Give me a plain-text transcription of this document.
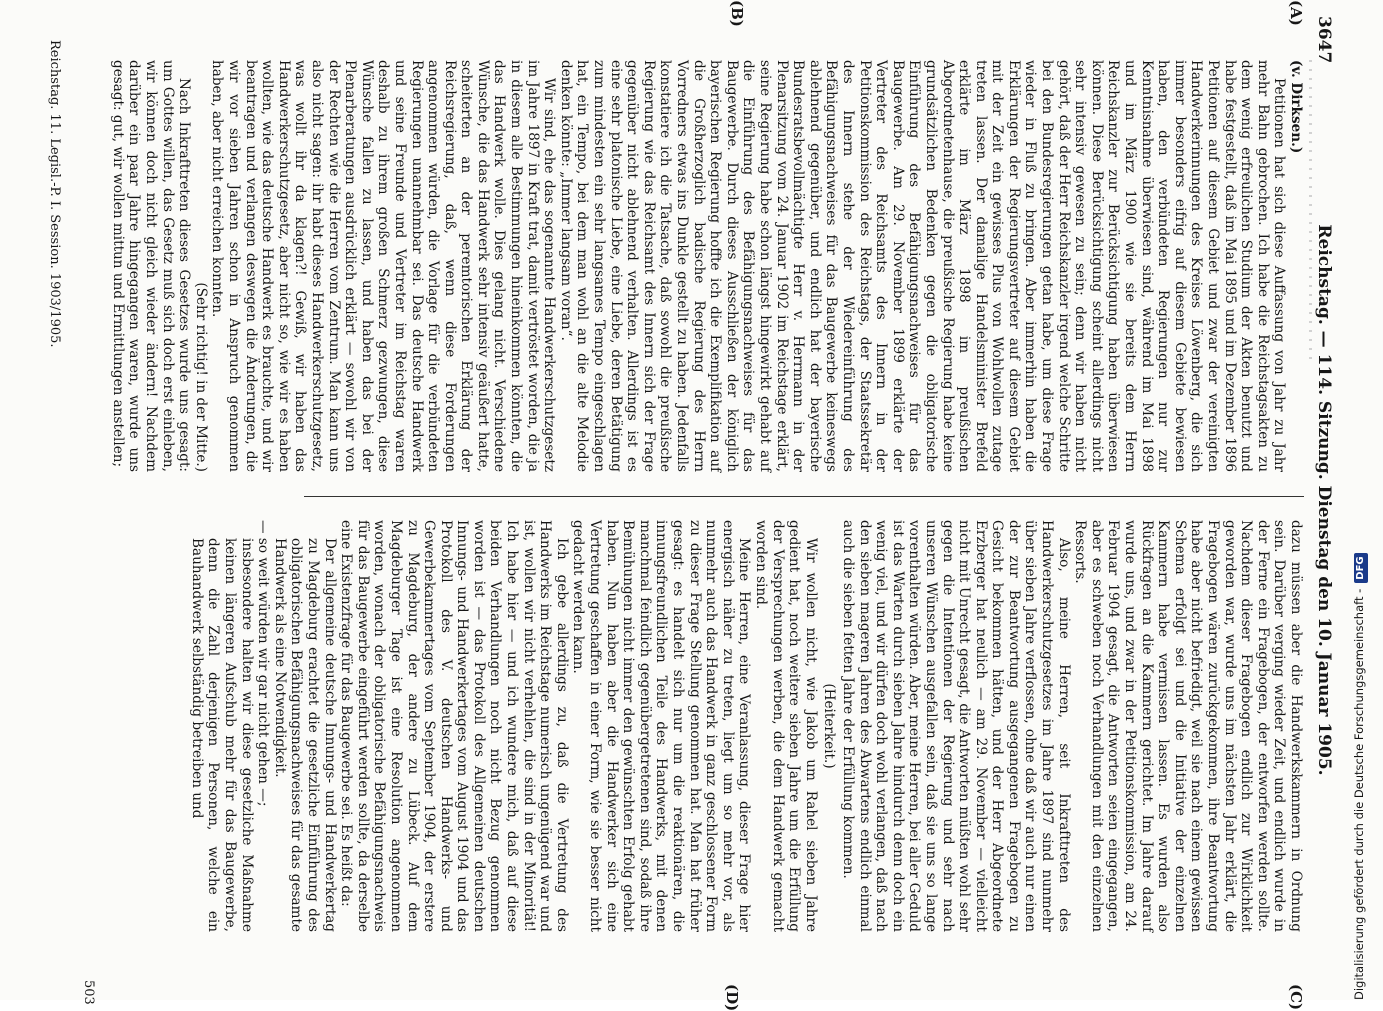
3647
Reichstag. — 114. Sitzung. Dienstag den 10. Januar 1905.
(A)
(B)
(C)
(D)

(v. Dirksen.)

Petitionen hat sich diese Auffassung von Jahr zu Jahr mehr Bahn gebrochen. Ich habe die Reichstagsakten zu dem wenig erfreulichen Studium der Akten benutzt und habe festgestellt, daß im Mai 1895 und im Dezember 1896 Petitionen auf diesem Gebiet und zwar der vereinigten Handwerkerinnungen des Kreises Löwenberg, die sich immer besonders eifrig auf diesem Gebiete bewiesen haben, den verbündeten Regierungen nur zur Kenntnisnahme überwiesen sind, während im Mai 1898 und im März 1900 wie sie bereits dem Herrn Reichskanzler zur Berücksichtigung haben überwiesen können. Diese Berücksichtigung scheint allerdings nicht sehr intensiv gewesen zu sein; denn wir haben nicht gehört, daß der Herr Reichskanzler irgend welche Schritte bei den Bundesregierungen getan habe, um diese Frage wieder in Fluß zu bringen. Aber immerhin haben die Erklärungen der Regierungsvertreter auf diesem Gebiet mit der Zeit ein gewisses Plus von Wohlwollen zutage treten lassen. Der damalige Handelsminister Brefeld erklärte im März 1898 im preußischen Abgeordnetenhause, die preußische Regierung habe keine grundsätzlichen Bedenken gegen die obligatorische Einführung des Befähigungsnachweises für das Baugewerbe. Am 29. November 1899 erklärte der Vertreter des Reichsamts des Innern in der Petitionskommission des Reichstags, der Staatssekretär des Innern stehe der Wiedereinführung des Befähigungsnachweises für das Baugewerbe keineswegs ablehnend gegenüber, und endlich hat der bayerische Bundesratsbevollmächtigte Herr v. Herrmann in der Plenarsitzung vom 24. Januar 1902 im Reichstage erklärt, seine Regierung habe schon längst hingewirkt gehabt auf die Einführung des Befähigungsnachweises für das Baugewerbe. Durch dieses Ausschließen der königlich bayerischen Regierung hoffte ich die Exemplifikation auf die Großherzoglich badische Regierung des Herrn Vorredners etwas ins Dunkle gestellt zu haben. Jedenfalls konstatiere ich die Tatsache, daß sowohl die preußische Regierung wie das Reichsamt des Innern sich der Frage gegenüber nicht ablehnend verhalten. Allerdings ist es eine sehr platonische Liebe, eine Liebe, deren Betätigung zum mindesten ein sehr langsames Tempo eingeschlagen hat, ein Tempo, bei dem man wohl an die alte Melodie denken könnte: „Immer langsam voran“.

Wir sind, ehe das sogenannte Handwerkerschutzgesetz im Jahre 1897 in Kraft trat, damit vertröstet worden, die ja in diesem alle Bestimmungen hineinkommen könnten, die das Handwerk wolle. Dies gelang nicht. Verschiedene Wünsche, die das Handwerk sehr intensiv geäußert hatte, scheiterten an der peremtorischen Erklärung der Reichsregierung, daß, wenn diese Forderungen angenommen würden, die Vorlage für die verbündeten Regierungen unannehmbar sei. Das deutsche Handwerk und seine Freunde und Vertreter im Reichstag waren deshalb zu ihrem großen Schmerz gezwungen, diese Wünsche fallen zu lassen, und haben das bei der Plenarberatungen ausdrücklich erklärt — sowohl wir von der Rechten wie die Herren vom Zentrum. Man kann uns also nicht sagen: ihr habt dieses Handwerkerschutzgesetz, was wollt ihr da klagen?! Gewiß, wir haben das Handwerkerschutzgesetz, aber nicht so, wie wir es haben wollten, wie das deutsche Handwerk es brauchte, und wir beantragen und verlangen deswegen die Änderungen, die wir vor sieben Jahren schon in Anspruch genommen haben, aber nicht erreichen konnten.

(Sehr richtig! in der Mitte.)

Nach Inkrafttreten dieses Gesetzes wurde uns gesagt: um Gottes willen, das Gesetz muß sich doch erst einleben, wir können doch nicht gleich wieder ändern! Nachdem darüber ein paar Jahre hingegangen waren, wurde uns gesagt: gut, wir wollen mittun und Ermittlungen anstellen;

dazu müssen aber die Handwerkskammern in Ordnung sein. Darüber verging wieder Zeit, und endlich wurde in der Ferne ein Fragebogen, der entworfen werden sollte. Nachdem dieser Fragebogen endlich zur Wirklichkeit geworden war, wurde uns im nächsten Jahr erklärt, die Fragebogen wären zurückgekommen, ihre Beantwortung habe aber nicht befriedigt, weil sie nach einem gewissen Schema erfolgt sei und die Initiative der einzelnen Kammern habe vermissen lassen. Es wurden also Rückfragen an die Kammern gerichtet. Im Jahre darauf wurde uns, und zwar in der Petitionskommission, am 24. Februar 1904 gesagt, die Antworten seien eingegangen, aber es schweben noch Verhandlungen mit den einzelnen Ressorts.

Also, meine Herren, seit Inkrafttreten des Handwerkerschutzgesetzes im Jahre 1897 sind nunmehr über sieben Jahre verflossen, ohne daß wir auch nur einen der zur Beantwortung ausgegangenen Fragebogen zu Gesicht bekommen hätten, und der Herr Abgeordnete Erzberger hat neulich — am 29. November — vielleicht nicht mit Unrecht gesagt, die Antworten müßten wohl sehr gegen die Intentionen der Regierung und sehr nach unseren Wünschen ausgefallen sein, daß sie uns so lange vorenthalten würden. Aber, meine Herren, bei aller Geduld ist das Warten durch sieben Jahre hindurch denn doch ein wenig viel, und wir dürfen doch wohl verlangen, daß nach den sieben mageren Jahren des Abwartens endlich einmal auch die sieben fetten Jahre der Erfüllung kommen.

(Heiterkeit.)

Wir wollen nicht, wie Jakob um Rahel sieben Jahre gedient hat, noch weitere sieben Jahre um die Erfüllung der Versprechungen werben, die dem Handwerk gemacht worden sind.

Meine Herren, eine Veranlassung, dieser Frage hier energisch näher zu treten, liegt um so mehr vor, als nunmehr auch das Handwerk in ganz geschlossener Form zu dieser Frage Stellung genommen hat. Man hat früher gesagt: es handelt sich nur um die reaktionären, die innungsfreundlichen Teile des Handwerks, mit denen manchmal feindlich gegenübergetretenen sind, sodaß ihre Bemühungen nicht immer den gewünschten Erfolg gehabt haben. Nun haben aber die Handwerker sich eine Vertretung geschaffen in einer Form, wie sie besser nicht gedacht werden kann.

Ich gebe allerdings zu, daß die Vertretung des Handwerks im Reichstage numerisch ungenügend war und ist, wollen wir nicht verhehlen, die sind in der Minorität! Ich habe hier — und ich wundere mich, daß auf diese beiden Verhandlungen noch nicht Bezug genommen worden ist — das Protokoll des Allgemeinen deutschen Innungs- und Handwerkertages vom August 1904 und das Protokoll des V. deutschen Handwerks- und Gewerbekammertages vom September 1904, der erstere zu Magdeburg, der andere zu Lübeck. Auf dem Magdeburger Tage ist eine Resolution angenommen worden, wonach der obligatorische Befähigungsnachweis für das Baugewerbe eingeführt werden sollte, da derselbe eine Existenzfrage für das Baugewerbe sei. Es heißt da:

Der allgemeine deutsche Innungs- und Handwerkertag zu Magdeburg erachtet die gesetzliche Einführung des obligatorischen Befähigungsnachweises für das gesamte Handwerk als eine Notwendigkeit.

— so weit würden wir gar nicht gehen —;

insbesondere halten wir diese gesetzliche Maßnahme keinen längeren Aufschub mehr für das Baugewerbe, denn die Zahl derjenigen Personen, welche ein Bauhandwerk selbständig betreiben und

Reichstag. 11. Legisl.-P. I. Session. 1903/1905.
503	Digitalisierung gefördert durch die Deutsche Forschungsgemeinschaft -DFG
